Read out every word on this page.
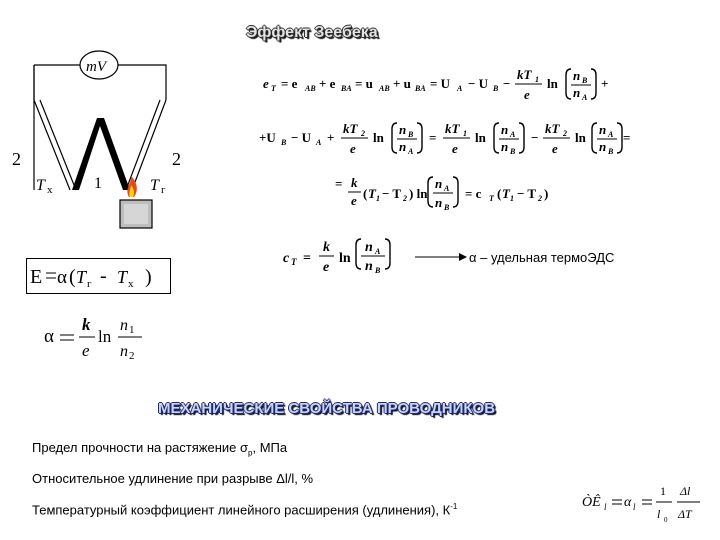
Эффект Зеебека
mV
2	2
1
T x	T г
E α ( T г - T x )
α
k
e
ln
n 1
n 2
e T = e AB + e BA = u AB + u BA = U A − U B −
kT 1
e
ln
n B
n A
+
+U B − U A +
kT 2
e
ln
n B
n A
=
kT 1
e
ln
n A
n B
−
kT 2
e
ln
n A
n B
=
= k
e ( T 1 − T 2 ) ln
n A
n B
= c T ( T 1 − T 2 )
c T =
k
e
ln
n A
n B
α – удельная термоЭДС
МЕХАНИЧЕСКИЕ СВОЙСТВА ПРОВОДНИКОВ
Предел прочности на растяжение $\sigma_р$, МПа
Относительное удлинение при разрыве Δl/l, %
Температурный коэффициент линейного расширения (удлинения), $К^{-1}$	ÒÊ l α l
1
l 0
Δl
ΔT
